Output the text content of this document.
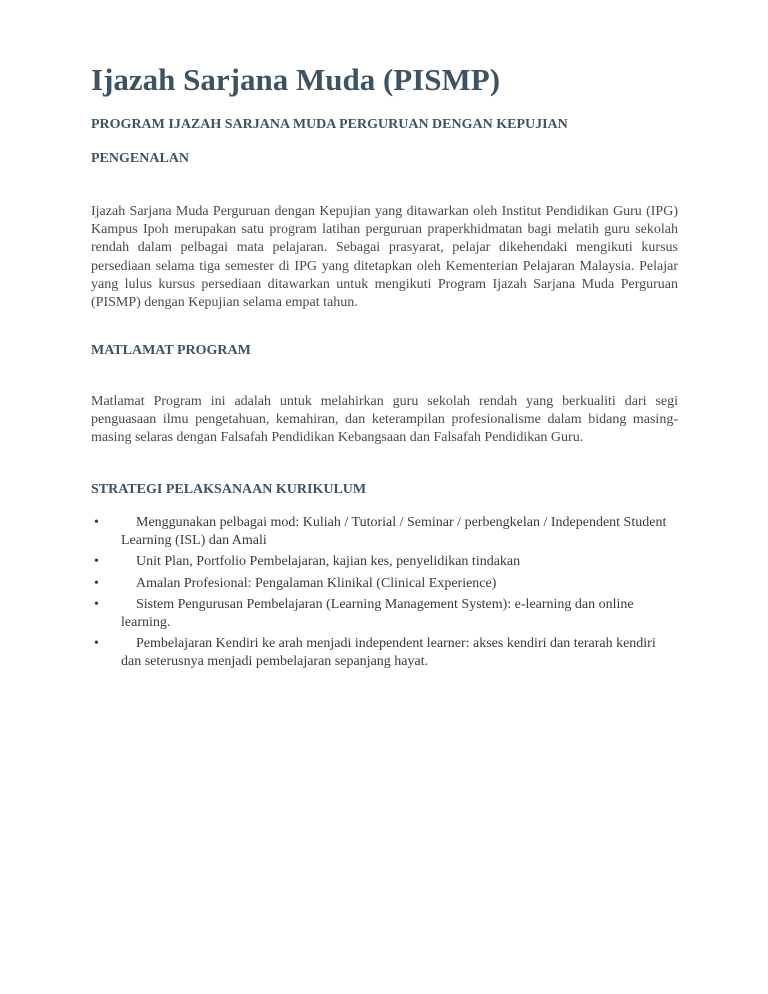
Ijazah Sarjana Muda (PISMP)
PROGRAM IJAZAH SARJANA MUDA PERGURUAN DENGAN KEPUJIAN
PENGENALAN

Ijazah Sarjana Muda Perguruan dengan Kepujian yang ditawarkan oleh Institut Pendidikan Guru (IPG) Kampus Ipoh merupakan satu program latihan perguruan praperkhidmatan bagi melatih guru sekolah rendah dalam pelbagai mata pelajaran. Sebagai prasyarat, pelajar dikehendaki mengikuti kursus persediaan selama tiga semester di IPG yang ditetapkan oleh Kementerian Pelajaran Malaysia. Pelajar yang lulus kursus persediaan ditawarkan untuk mengikuti Program Ijazah Sarjana Muda Perguruan (PISMP) dengan Kepujian selama empat tahun.

MATLAMAT PROGRAM

Matlamat Program ini adalah untuk melahirkan guru sekolah rendah yang berkualiti dari segi penguasaan ilmu pengetahuan, kemahiran, dan keterampilan profesionalisme dalam bidang masing-masing selaras dengan Falsafah Pendidikan Kebangsaan dan Falsafah Pendidikan Guru.

STRATEGI PELAKSANAAN KURIKULUM
•	Menggunakan pelbagai mod: Kuliah / Tutorial / Seminar / perbengkelan / Independent Student Learning (ISL) dan Amali
•	Unit Plan, Portfolio Pembelajaran, kajian kes, penyelidikan tindakan
•	Amalan Profesional: Pengalaman Klinikal (Clinical Experience)
•	Sistem Pengurusan Pembelajaran (Learning Management System): e-learning dan online learning.
•	Pembelajaran Kendiri ke arah menjadi independent learner: akses kendiri dan terarah kendiri dan seterusnya menjadi pembelajaran sepanjang hayat.
